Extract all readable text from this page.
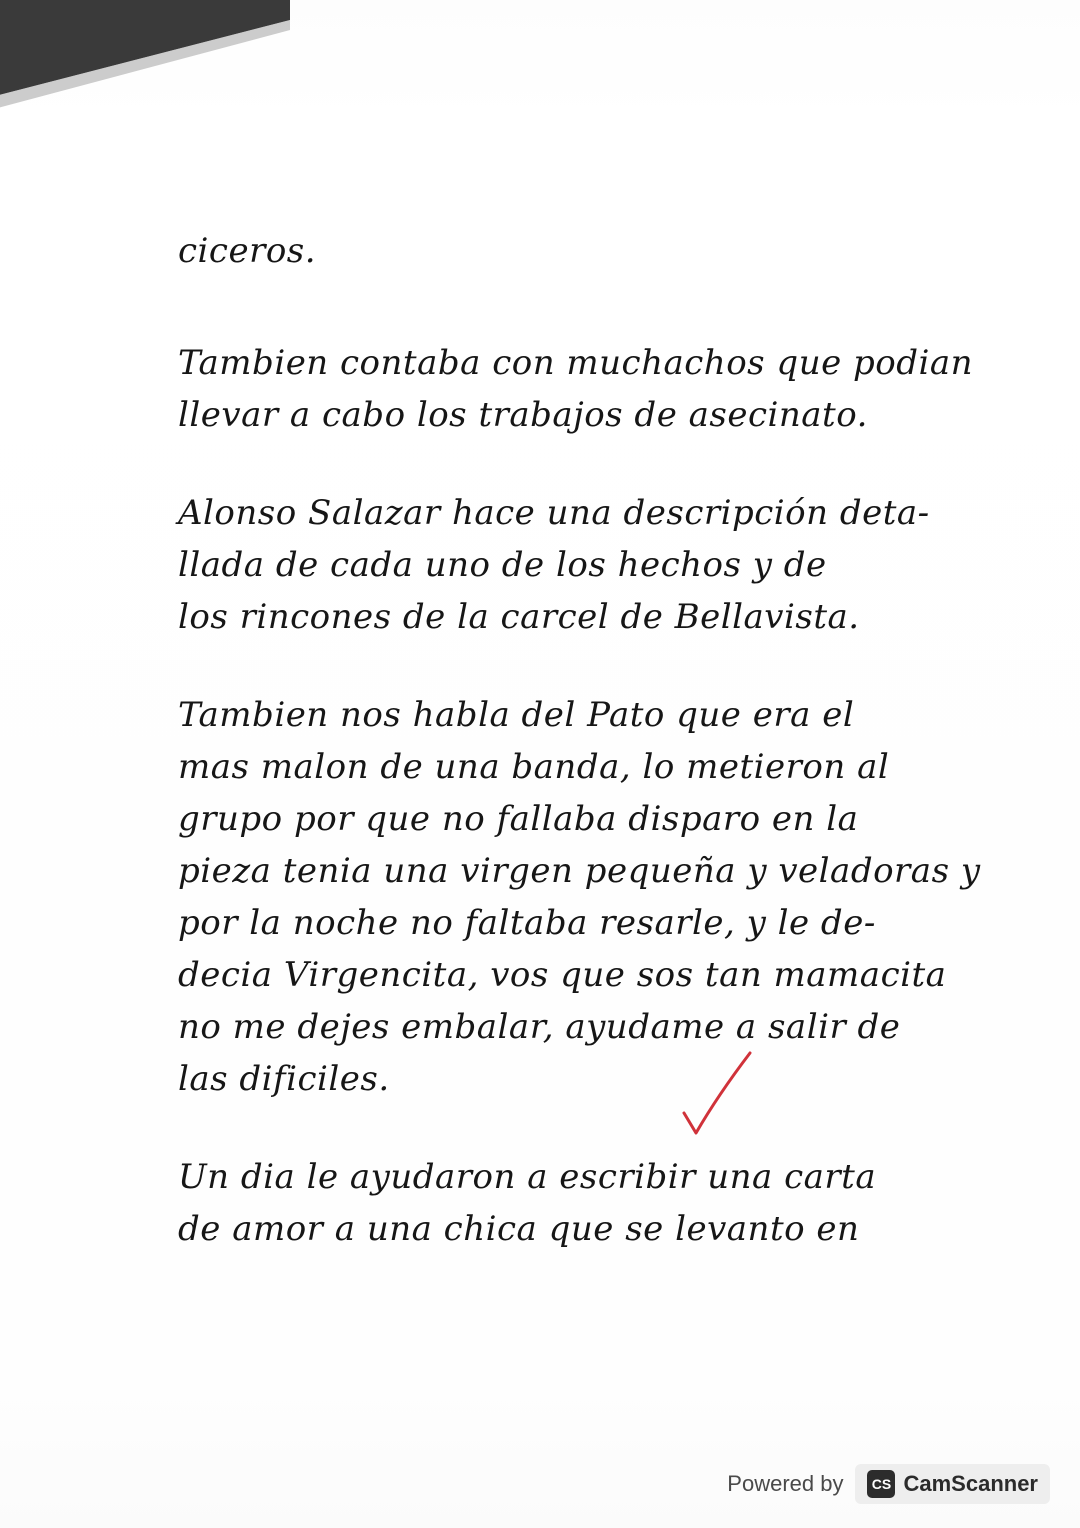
ciceros.

Tambien contaba con muchachos que podian
llevar a cabo los trabajos de asecinato.

Alonso Salazar hace una descripción deta-
llada de cada uno de los hechos y de
los rincones de la carcel de Bellavista.

Tambien nos habla del Pato que era el
mas malon de una banda, lo metieron al
grupo por que no fallaba disparo en la
pieza tenia una virgen pequeña y veladoras y
por la noche no faltaba resarle, y le de-
decia Virgencita, vos que sos tan mamacita
no me dejes embalar, ayudame a salir de
las dificiles.

Un dia le ayudaron a escribir una carta
de amor a una chica que se levanto en

Powered by	CS CamScanner
